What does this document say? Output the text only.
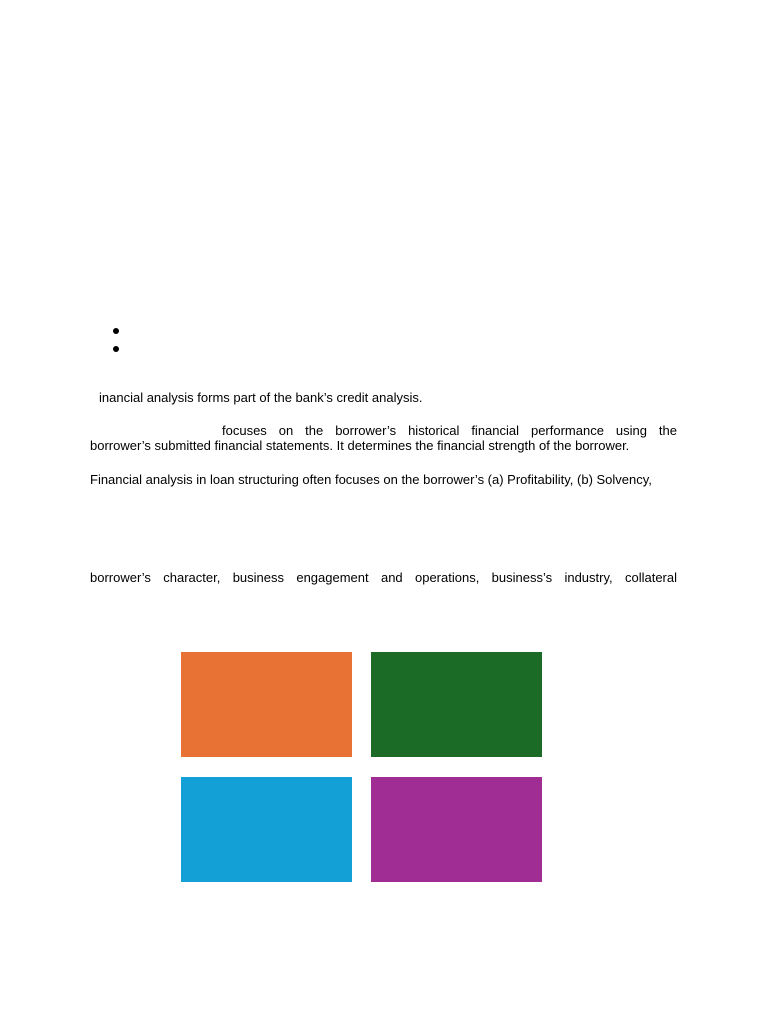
inancial analysis forms part of the bank’s credit analysis.
focuses on the borrower’s historical financial performance using the
borrower’s submitted financial statements. It determines the financial strength of the borrower.
Financial analysis in loan structuring often focuses on the borrower’s (a) Profitability, (b) Solvency,
borrower’s character, business engagement and operations, business’s industry, collateral
